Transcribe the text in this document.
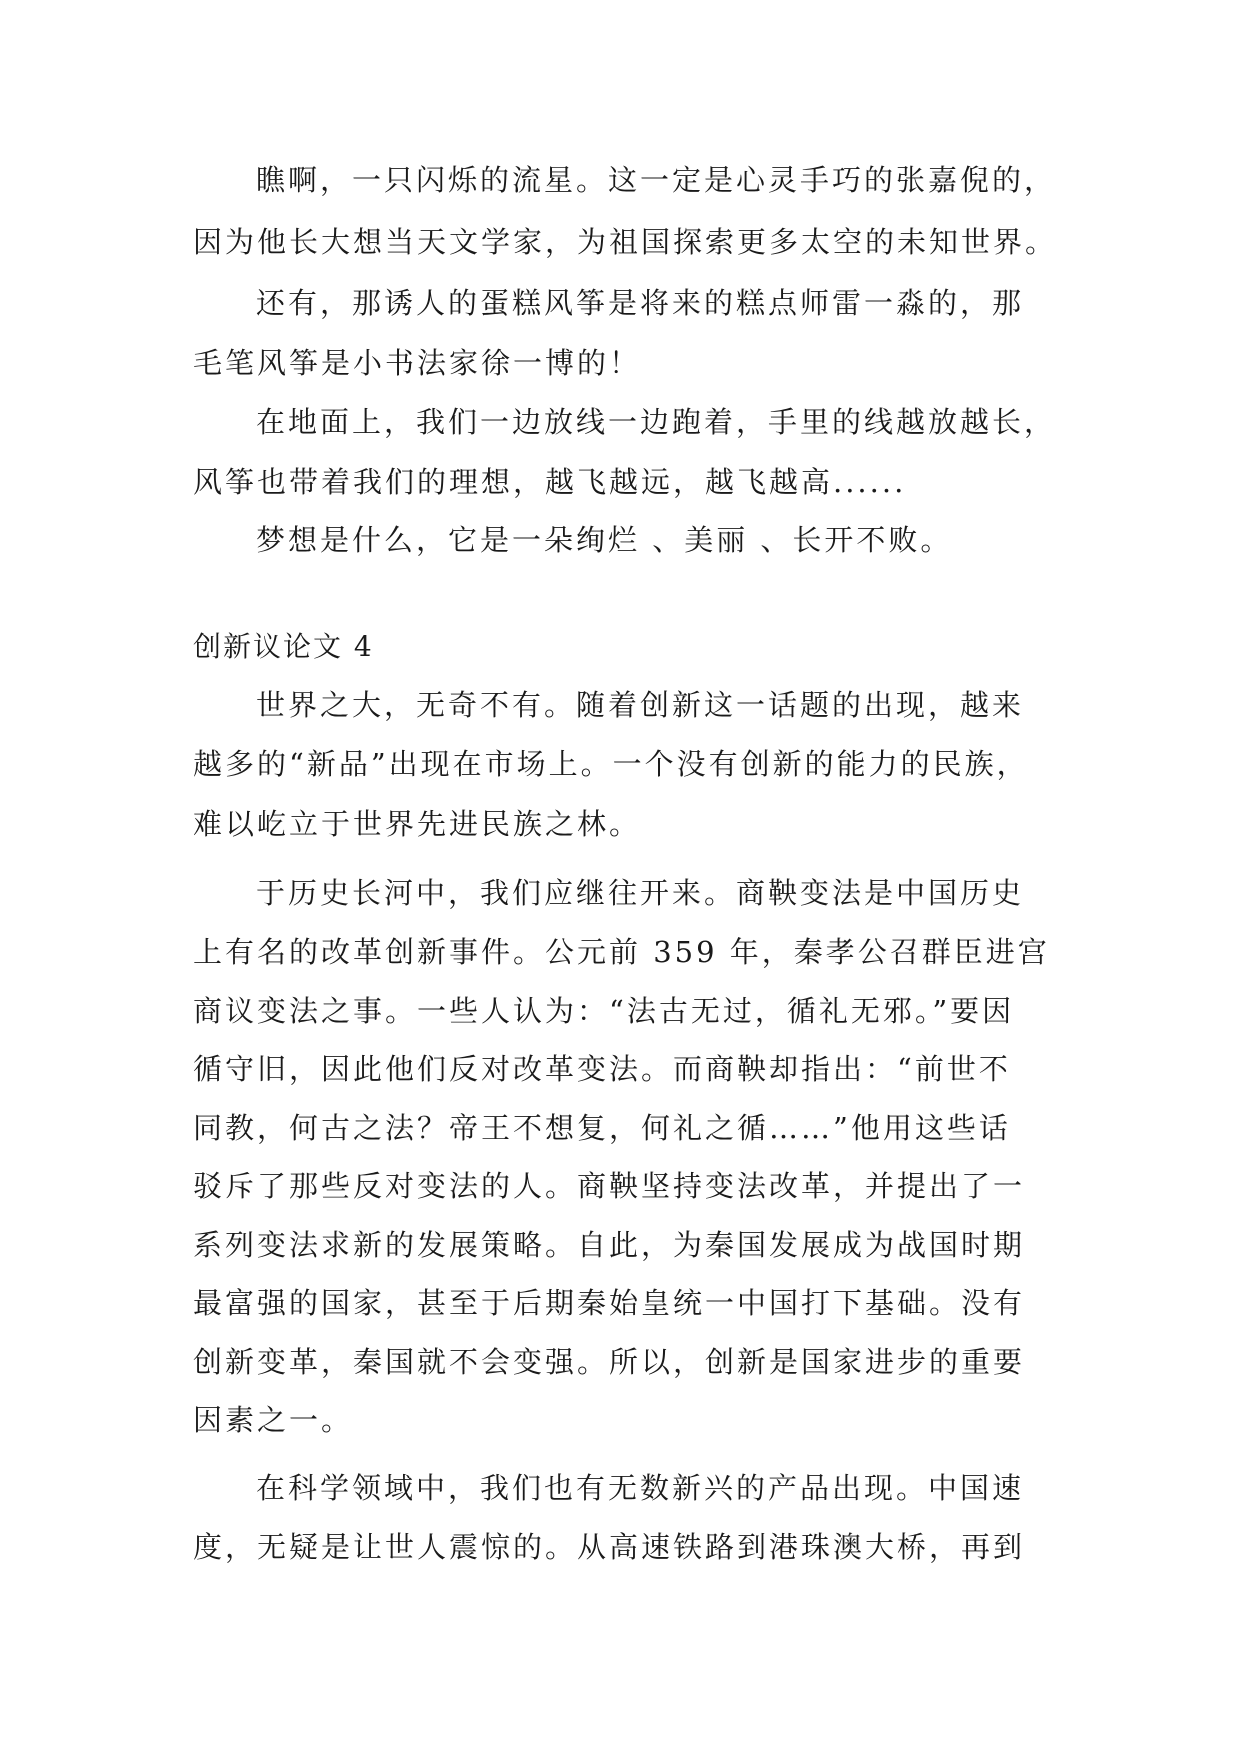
瞧啊，一只闪烁的流星。这一定是心灵手巧的张嘉倪的，

因为他长大想当天文学家，为祖国探索更多太空的未知世界。

还有，那诱人的蛋糕风筝是将来的糕点师雷一淼的，那

毛笔风筝是小书法家徐一博的！

在地面上，我们一边放线一边跑着，手里的线越放越长，

风筝也带着我们的理想，越飞越远，越飞越高......

梦想是什么，它是一朵绚烂 、美丽 、长开不败。

创新议论文 4

世界之大，无奇不有。随着创新这一话题的出现，越来

越多的“新品”出现在市场上。一个没有创新的能力的民族，

难以屹立于世界先进民族之林。

于历史长河中，我们应继往开来。商鞅变法是中国历史

上有名的改革创新事件。公元前 359 年，秦孝公召群臣进宫

商议变法之事。一些人认为：“法古无过，循礼无邪。”要因

循守旧，因此他们反对改革变法。而商鞅却指出：“前世不

同教，何古之法？帝王不想复，何礼之循……”他用这些话

驳斥了那些反对变法的人。商鞅坚持变法改革，并提出了一

系列变法求新的发展策略。自此，为秦国发展成为战国时期

最富强的国家，甚至于后期秦始皇统一中国打下基础。没有

创新变革，秦国就不会变强。所以，创新是国家进步的重要

因素之一。

在科学领域中，我们也有无数新兴的产品出现。中国速

度，无疑是让世人震惊的。从高速铁路到港珠澳大桥，再到
